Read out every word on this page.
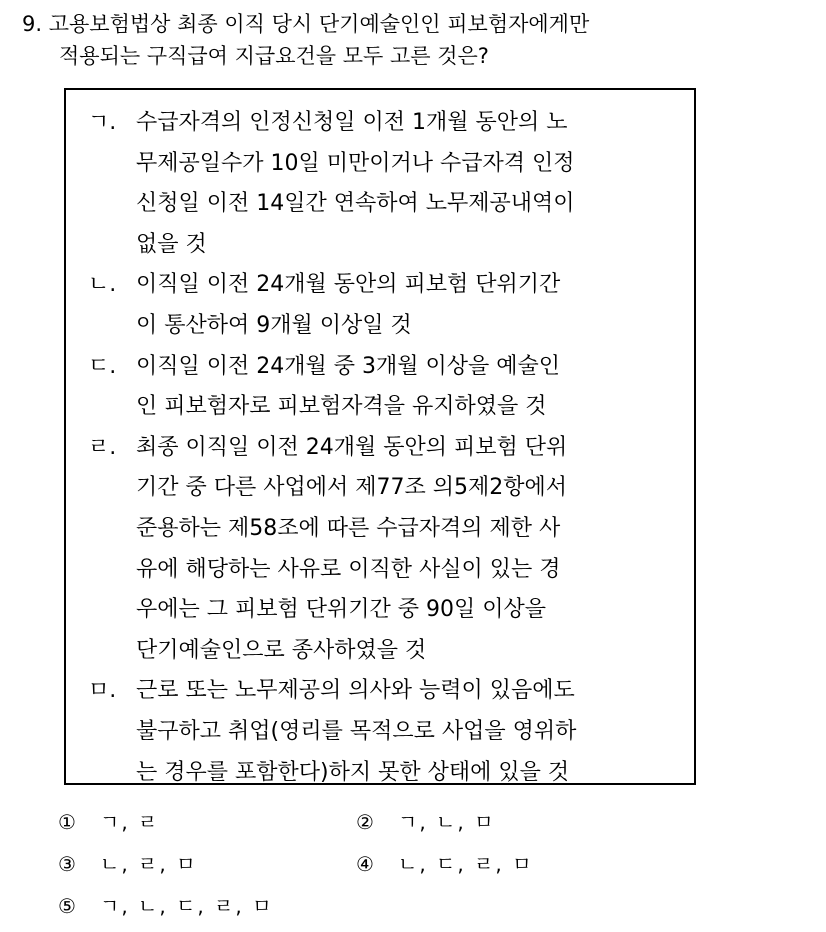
9. 고용보험법상 최종 이직 당시 단기예술인인 피보험자에게만
적용되는 구직급여 지급요건을 모두 고른 것은?
ㄱ. 수급자격의 인정신청일 이전 1개월 동안의 노
무제공일수가 10일 미만이거나 수급자격 인정
신청일 이전 14일간 연속하여 노무제공내역이
없을 것
ㄴ. 이직일 이전 24개월 동안의 피보험 단위기간
이 통산하여 9개월 이상일 것
ㄷ. 이직일 이전 24개월 중 3개월 이상을 예술인
인 피보험자로 피보험자격을 유지하였을 것
ㄹ. 최종 이직일 이전 24개월 동안의 피보험 단위
기간 중 다른 사업에서 제77조 의5제2항에서
준용하는 제58조에 따른 수급자격의 제한 사
유에 해당하는 사유로 이직한 사실이 있는 경
우에는 그 피보험 단위기간 중 90일 이상을
단기예술인으로 종사하였을 것
ㅁ. 근로 또는 노무제공의 의사와 능력이 있음에도
불구하고 취업(영리를 목적으로 사업을 영위하
는 경우를 포함한다)하지 못한 상태에 있을 것
① ㄱ, ㄹ	② ㄱ, ㄴ, ㅁ
③ ㄴ, ㄹ, ㅁ	④ ㄴ, ㄷ, ㄹ, ㅁ
⑤ ㄱ, ㄴ, ㄷ, ㄹ, ㅁ
